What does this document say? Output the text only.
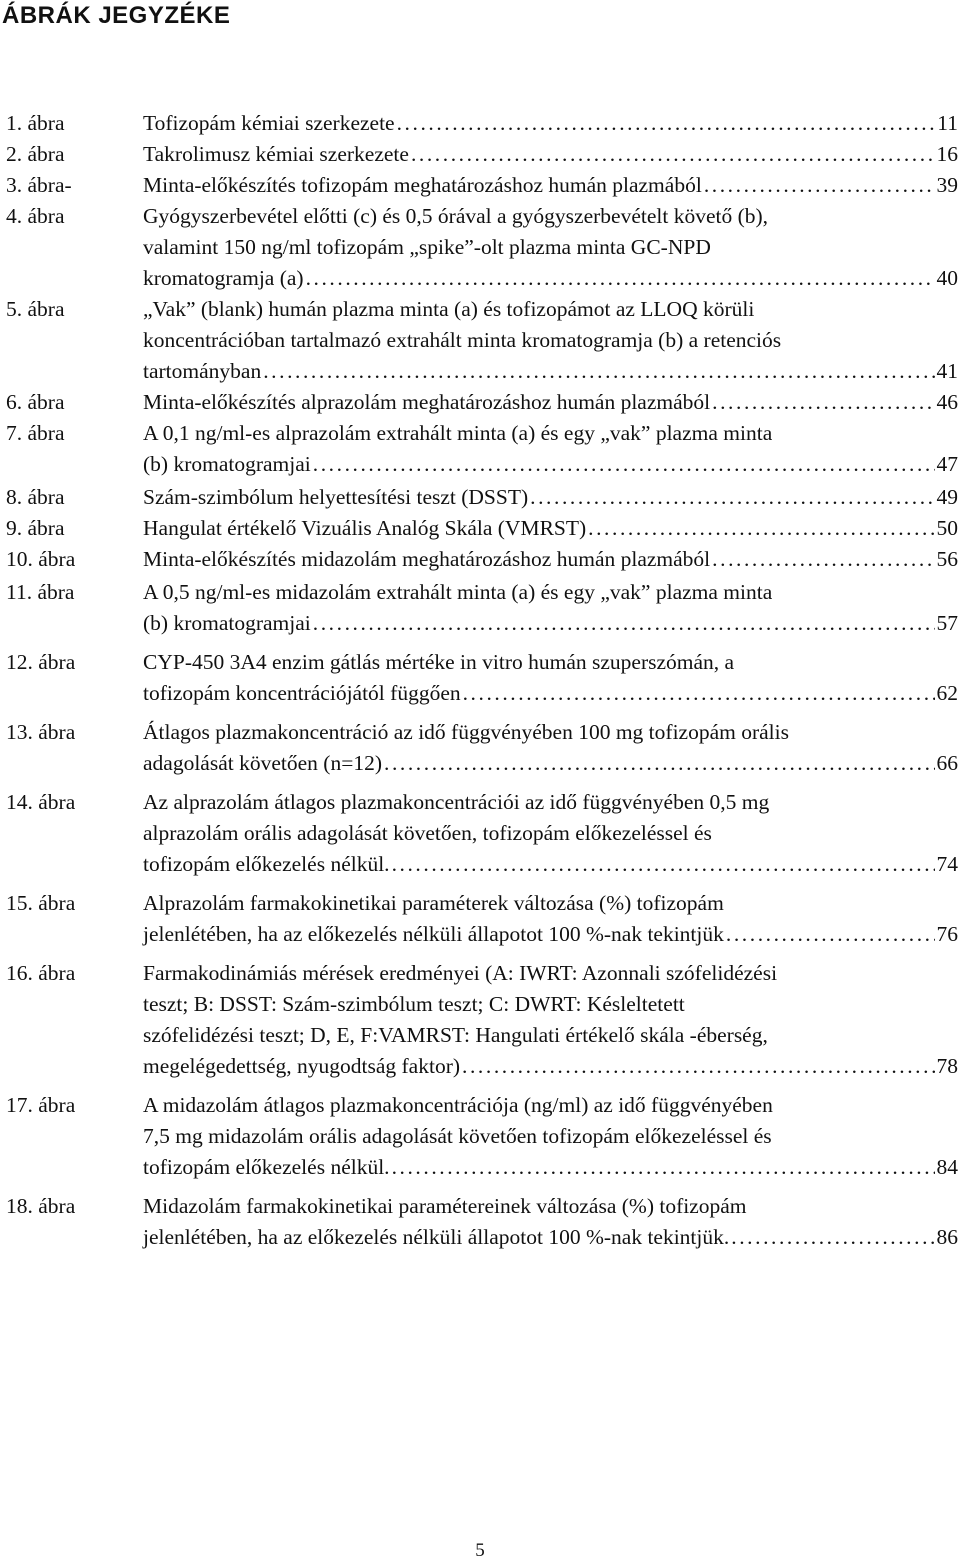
ÁBRÁK JEGYZÉKE
1. ábra	Tofizopám kémiai szerkezete . . .	11
2. ábra	Takrolimusz kémiai szerkezete . . .	16
3. ábra-	Minta-előkészítés tofizopám meghatározáshoz humán plazmából . . .	39
4. ábra	Gyógyszerbevétel előtti (c) és 0,5 órával a gyógyszerbevételt követő (b),
valamint 150 ng/ml tofizopám „spike”-olt plazma minta GC-NPD
kromatogramja (a) . . .	40
5. ábra	„Vak” (blank) humán plazma minta (a) és tofizopámot az LLOQ körüli
koncentrációban tartalmazó extrahált minta kromatogramja (b) a retenciós
tartományban . . .	41
6. ábra	Minta-előkészítés alprazolám meghatározáshoz humán plazmából . . .	46
7. ábra	A 0,1 ng/ml-es alprazolám extrahált minta (a) és egy „vak” plazma minta
(b) kromatogramjai . . .	47
8. ábra	Szám-szimbólum helyettesítési teszt (DSST) . . .	49
9. ábra	Hangulat értékelő Vizuális Analóg Skála (VMRST) . . .	50
10. ábra	Minta-előkészítés midazolám meghatározáshoz humán plazmából . . .	56
11. ábra	A 0,5 ng/ml-es midazolám extrahált minta (a) és egy „vak” plazma minta
(b) kromatogramjai . . .	57
12. ábra	CYP-450 3A4 enzim gátlás mértéke in vitro humán szuperszómán, a
tofizopám koncentrációjától függően . . .	62
13. ábra	Átlagos plazmakoncentráció az idő függvényében 100 mg tofizopám orális
adagolását követően (n=12) . . .	66
14. ábra	Az alprazolám átlagos plazmakoncentrációi az idő függvényében 0,5 mg
alprazolám orális adagolását követően, tofizopám előkezeléssel és
tofizopám előkezelés nélkül. . . .	74
15. ábra	Alprazolám farmakokinetikai paraméterek változása (%) tofizopám
jelenlétében, ha az előkezelés nélküli állapotot 100 %-nak tekintjük . . .	76
16. ábra	Farmakodinámiás mérések eredményei (A: IWRT: Azonnali szófelidézési
teszt; B: DSST: Szám-szimbólum teszt; C: DWRT: Késleltetett
szófelidézési teszt; D, E, F:VAMRST: Hangulati értékelő skála -éberség,
megelégedettség, nyugodtság faktor) . . .	78
17. ábra	A midazolám átlagos plazmakoncentrációja (ng/ml) az idő függvényében
7,5 mg midazolám orális adagolását követően tofizopám előkezeléssel és
tofizopám előkezelés nélkül. . . .	84
18. ábra	Midazolám farmakokinetikai paramétereinek változása (%) tofizopám
jelenlétében, ha az előkezelés nélküli állapotot 100 %-nak tekintjük. . . .	86
5
